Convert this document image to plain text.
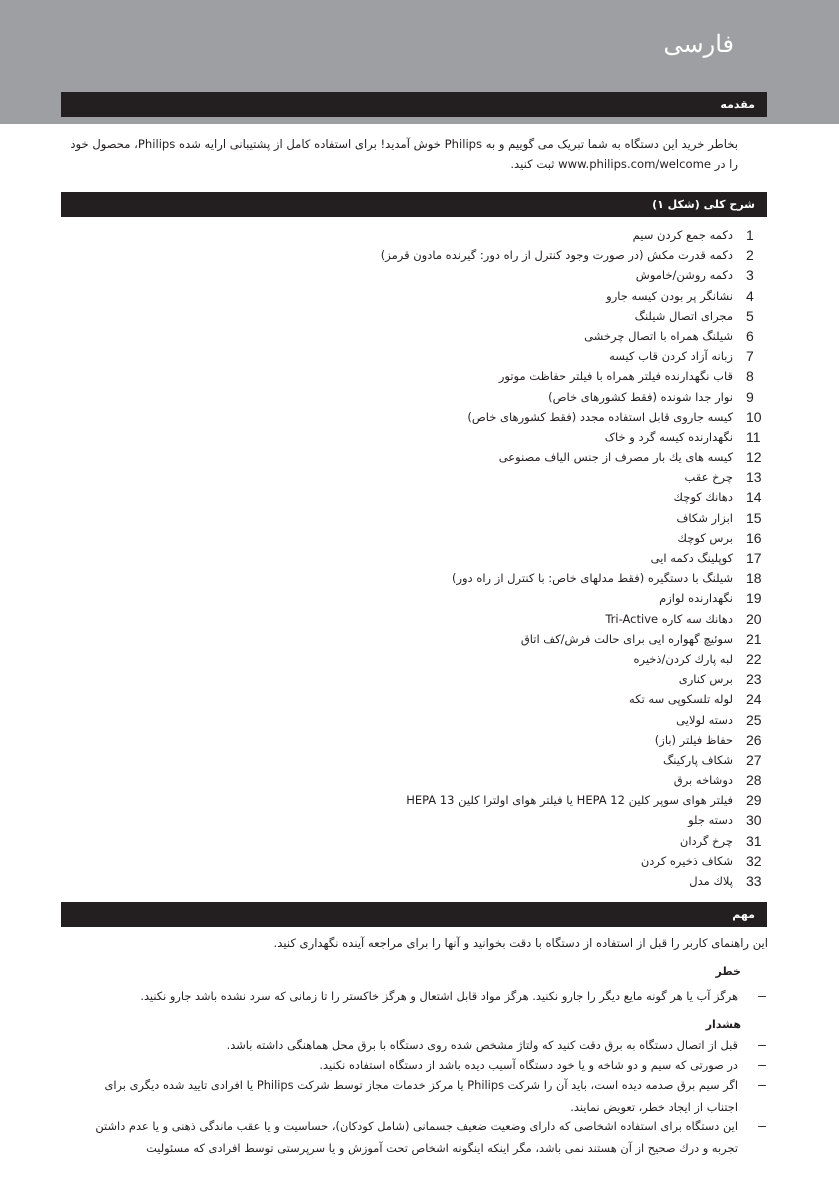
فارسی
مقدمه
بخاطر خرید این دستگاه به شما تبریک می گوییم و به Philips خوش آمدید! برای استفاده کامل از پشتیبانی ارایه شده Philips، محصول خود را در www.philips.com/welcome ثبت کنید.
شرح کلی (شکل ۱)
1
دکمه جمع کردن سیم
2
دکمه قدرت مکش (در صورت وجود کنترل از راه دور: گیرنده مادون قرمز)
3
دکمه روشن/خاموش
4
نشانگر پر بودن کیسه جارو
5
مجرای اتصال شیلنگ
6
شیلنگ همراه با اتصال چرخشی
7
زبانه آزاد کردن قاب کیسه
8
قاب نگهدارنده فیلتر همراه با فیلتر حفاظت موتور
9
نوار جدا شونده (فقط کشورهای خاص)
10
کیسه جاروی قابل استفاده مجدد (فقط کشورهای خاص)
11
نگهدارنده کیسه گرد و خاک
12
کیسه های یك بار مصرف از جنس الیاف مصنوعی
13
چرخ عقب
14
دهانك کوچك
15
ابزار شکاف
16
برس کوچك
17
کوپلینگ دکمه ایی
18
شیلنگ با دستگیره (فقط مدلهای خاص: با کنترل از راه دور)
19
نگهدارنده لوازم
20
دهانك سه کاره Tri-Active
21
سوئیچ گهواره ایی برای حالت فرش/کف اتاق
22
لبه پارك کردن/ذخیره
23
برس کناری
24
لوله تلسکوپی سه تکه
25
دسته لولایی
26
حفاظ فیلتر (باز)
27
شکاف پارکینگ
28
دوشاخه برق
29
فیلتر هوای سوپر کلین HEPA 12 یا فیلتر هوای اولترا کلین HEPA 13
30
دسته جلو
31
چرخ گردان
32
شکاف ذخیره کردن
33
پلاك مدل
مهم
این راهنمای کاربر را قبل از استفاده از دستگاه با دقت بخوانید و آنها را برای مراجعه آینده نگهداری کنید.
خطر
–
هرگز آب یا هر گونه مایع دیگر را جارو نکنید. هرگز مواد قابل اشتعال و هرگز خاکستر را تا زمانی که سرد نشده باشد جارو نکنید.
هشدار
–
قبل از اتصال دستگاه به برق دقت کنید که ولتاژ مشخص شده روی دستگاه با برق محل هماهنگی داشته باشد.
–
در صورتی که سیم و دو شاخه و یا خود دستگاه آسیب دیده باشد از دستگاه استفاده نکنید.
–
اگر سیم برق صدمه دیده است، باید آن را شرکت Philips یا مرکز خدمات مجاز توسط شرکت Philips یا افرادی تایید شده دیگری برای اجتناب از ایجاد خطر، تعویض نمایند.
–
این دستگاه برای استفاده اشخاصی که دارای وضعیت ضعیف جسمانی (شامل کودکان)، حساسیت و یا عقب ماندگی ذهنی و یا عدم داشتن تجربه و درك صحیح از آن هستند نمی باشد، مگر اینکه اینگونه اشخاص تحت آموزش و یا سرپرستی توسط افرادی که مسئولیت
